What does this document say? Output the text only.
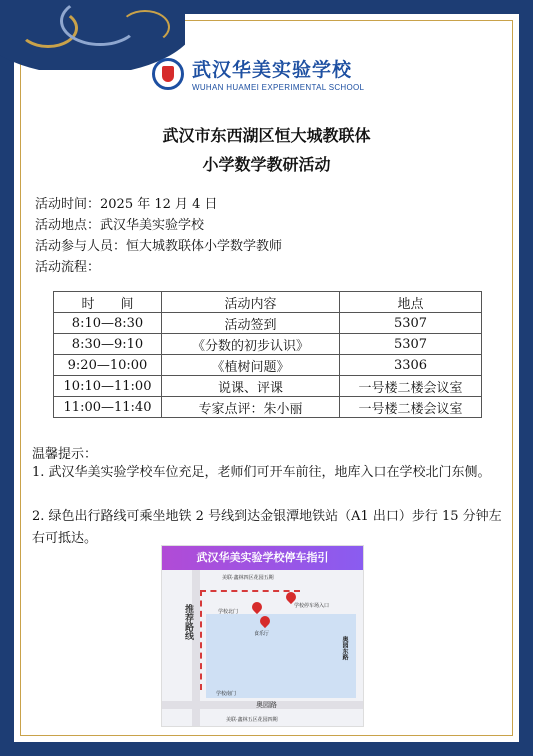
武汉华美实验学校
WUHAN HUAMEI EXPERIMENTAL SCHOOL
武汉市东西湖区恒大城教联体
小学数学教研活动
活动时间：2025 年 12 月 4 日
活动地点：武汉华美实验学校
活动参与人员：恒大城教联体小学数学教师
活动流程：
时　　间	活动内容	地点
8:10—8:30	活动签到	5307
8:30—9:10	《分数的初步认识》	5307
9:20—10:00	《植树问题》	3306
10:10—11:00	说课、评课	一号楼二楼会议室
11:00—11:40	专家点评：朱小丽	一号楼二楼会议室
温馨提示：
1. 武汉华美实验学校车位充足，老师们可开车前往，地库入口在学校北门东侧。
2. 绿色出行路线可乘坐地铁 2 号线到达金银潭地铁站（A1 出口）步行 15 分钟左右可抵达。
武汉华美实验学校停车指引
美联·鑫林四区花园五期
学校北门
学校停车场入口
食乐厅
推荐路线
奥园东路
学校南门
奥园路
美联·鑫林五区花园四期
